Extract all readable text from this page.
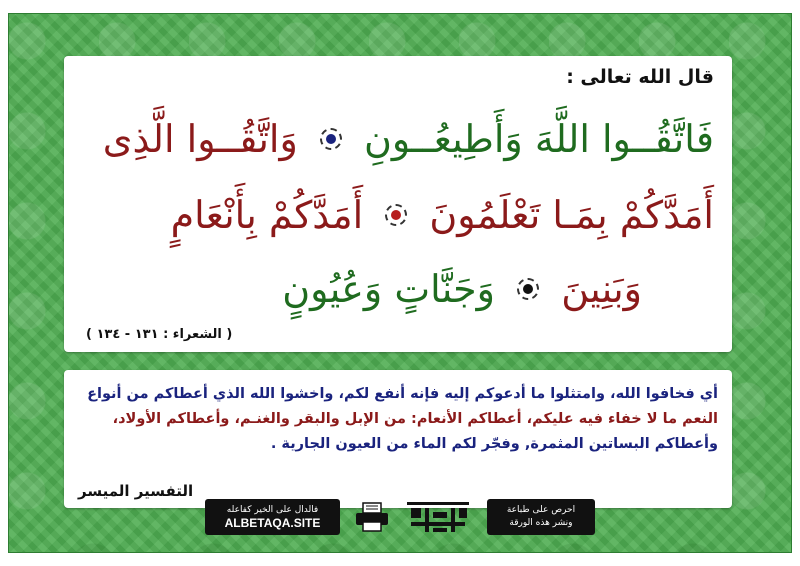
قال الله تعالى :
فَاتَّقُــوا اللَّهَ وَأَطِيعُــونِ  وَاتَّقُــوا الَّذِى
أَمَدَّكُمْ بِمَـا تَعْلَمُونَ  أَمَدَّكُمْ بِأَنْعَامٍ
وَبَنِينَ  وَجَنَّاتٍ وَعُيُونٍ
( الشعراء : ١٣١ - ١٣٤ )
أي فخافوا الله، وامتثلوا ما أدعوكم إليه فإنه أنفع لكم، واخشوا الله الذي أعطاكم من أنواع
النعم ما لا خفاء فيه عليكم، أعطاكم الأنعام: من الإبل والبقر والغنـم، وأعطاكم الأولاد،
وأعطاكم البساتين المثمرة, وفجّر لكم الماء من العيون الجارية .
التفسير الميسر
فالدال على الخير كفاعله
ALBETAQA.SITE
احرص على طباعة
ونشر هذه الورقة
